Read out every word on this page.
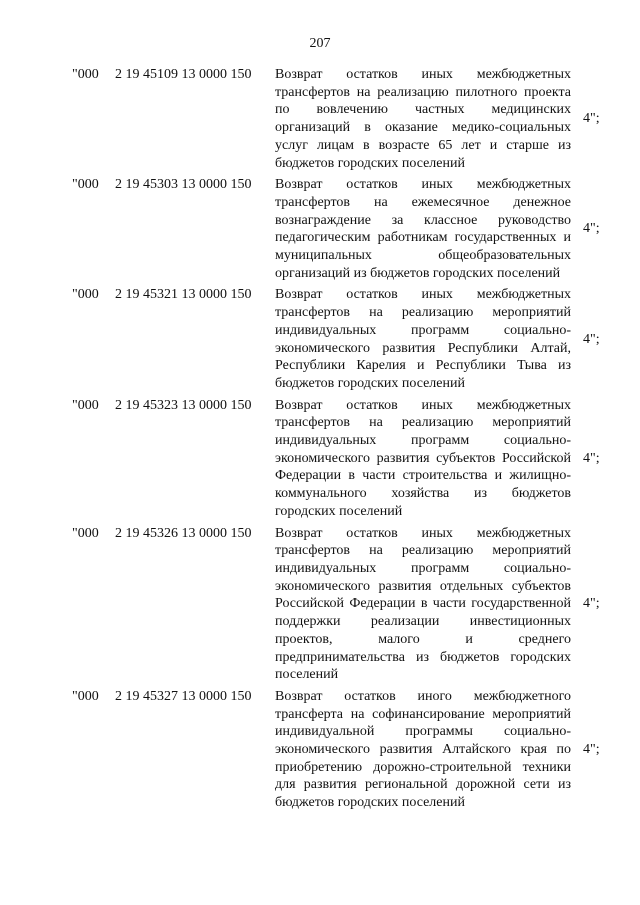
207
"000 2 19 45109 13 0000 150 Возврат остатков иных межбюджетных трансфертов на реализацию пилотного проекта по вовлечению частных медицинских организаций в оказание медико-социальных услуг лицам в возрасте 65 лет и старше из бюджетов городских поселений
4";
"000 2 19 45303 13 0000 150 Возврат остатков иных межбюджетных трансфертов на ежемесячное денежное вознаграждение за классное руководство педагогическим работникам государственных и муниципальных общеобразовательных организаций из бюджетов городских поселений
4";
"000 2 19 45321 13 0000 150 Возврат остатков иных межбюджетных трансфертов на реализацию мероприятий индивидуальных программ социально-экономического развития Республики Алтай, Республики Карелия и Республики Тыва из бюджетов городских поселений
4";
"000 2 19 45323 13 0000 150 Возврат остатков иных межбюджетных трансфертов на реализацию мероприятий индивидуальных программ социально-экономического развития субъектов Российской Федерации в части строительства и жилищно-коммунального хозяйства из бюджетов городских поселений
4";
"000 2 19 45326 13 0000 150 Возврат остатков иных межбюджетных трансфертов на реализацию мероприятий индивидуальных программ социально-экономического развития отдельных субъектов Российской Федерации в части государственной поддержки реализации инвестиционных проектов, малого и среднего предпринимательства из бюджетов городских поселений
4";
"000 2 19 45327 13 0000 150 Возврат остатков иного межбюджетного трансферта на софинансирование мероприятий индивидуальной программы социально-экономического развития Алтайского края по приобретению дорожно-строительной техники для развития региональной дорожной сети из бюджетов городских поселений
4";
